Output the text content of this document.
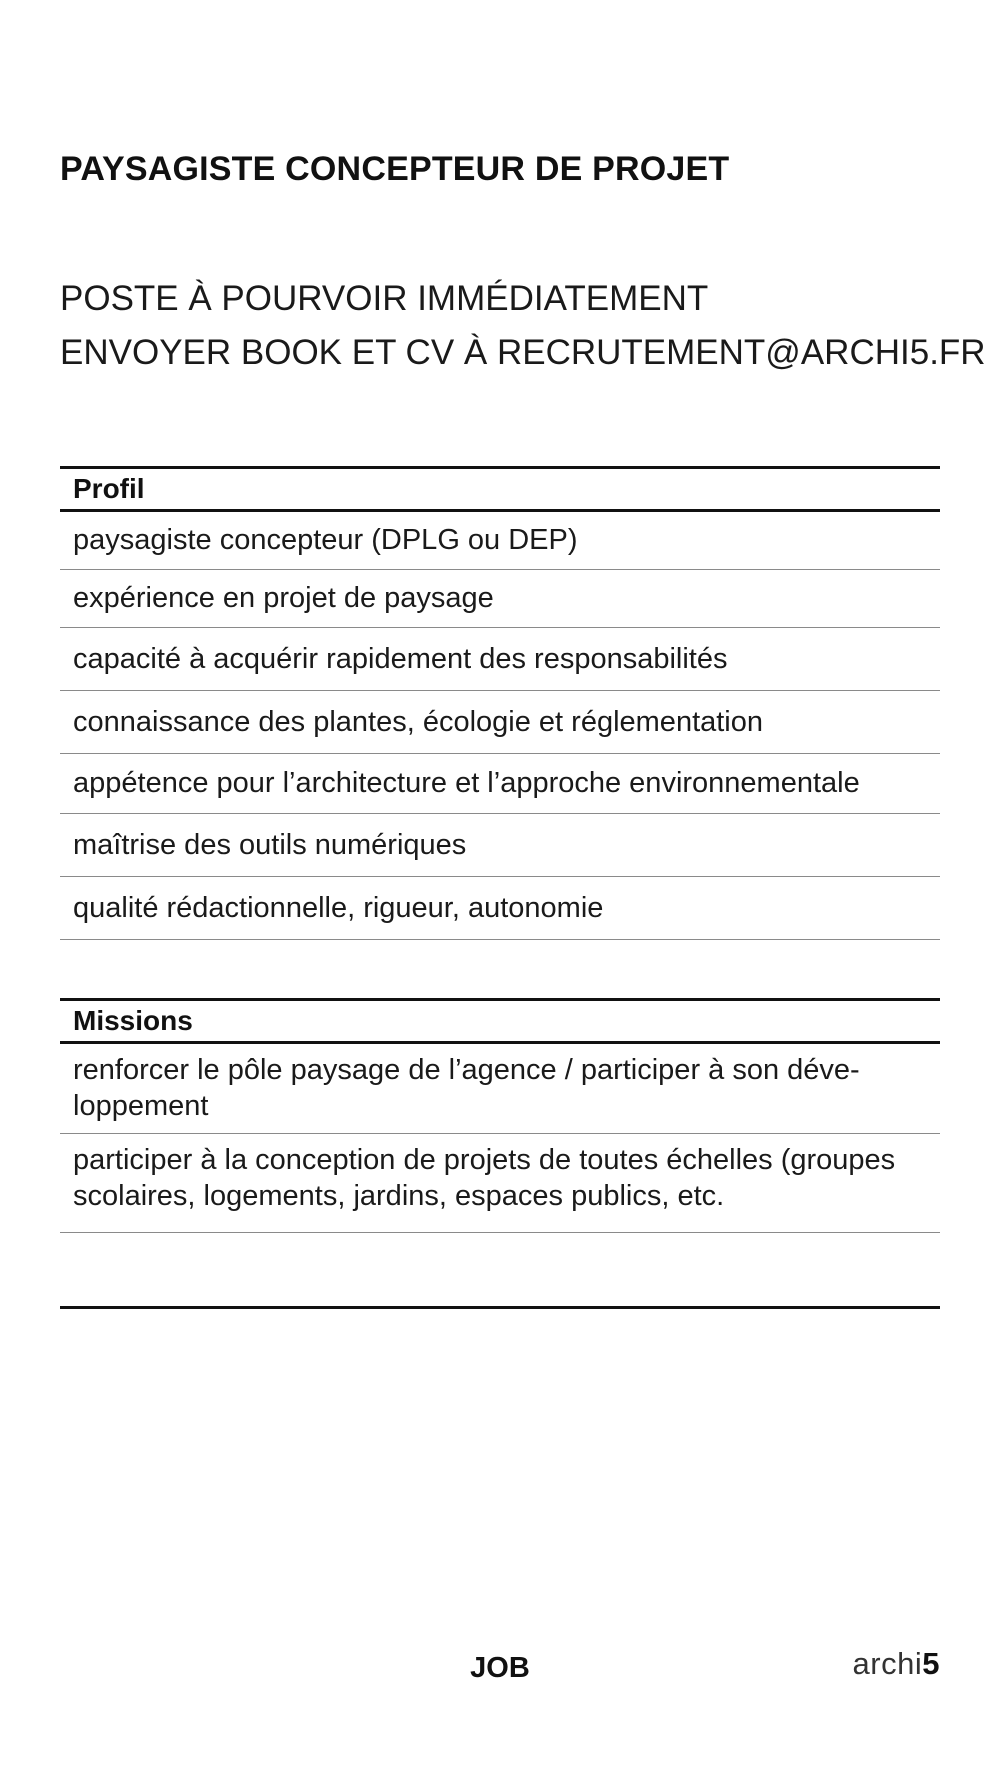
PAYSAGISTE CONCEPTEUR DE PROJET
POSTE À POURVOIR IMMÉDIATEMENT
ENVOYER BOOK ET CV À RECRUTEMENT@ARCHI5.FR
Profil
paysagiste concepteur (DPLG ou DEP)
expérience en projet de paysage
capacité à acquérir rapidement des responsabilités
connaissance des plantes, écologie et réglementation
appétence pour l’architecture et l’approche environnementale
maîtrise des outils numériques
qualité rédactionnelle, rigueur, autonomie
Missions
renforcer le pôle paysage de l’agence / participer à son déve-loppement
participer à la conception de projets de toutes échelles (groupes scolaires, logements, jardins, espaces publics, etc.
JOB	archi5
